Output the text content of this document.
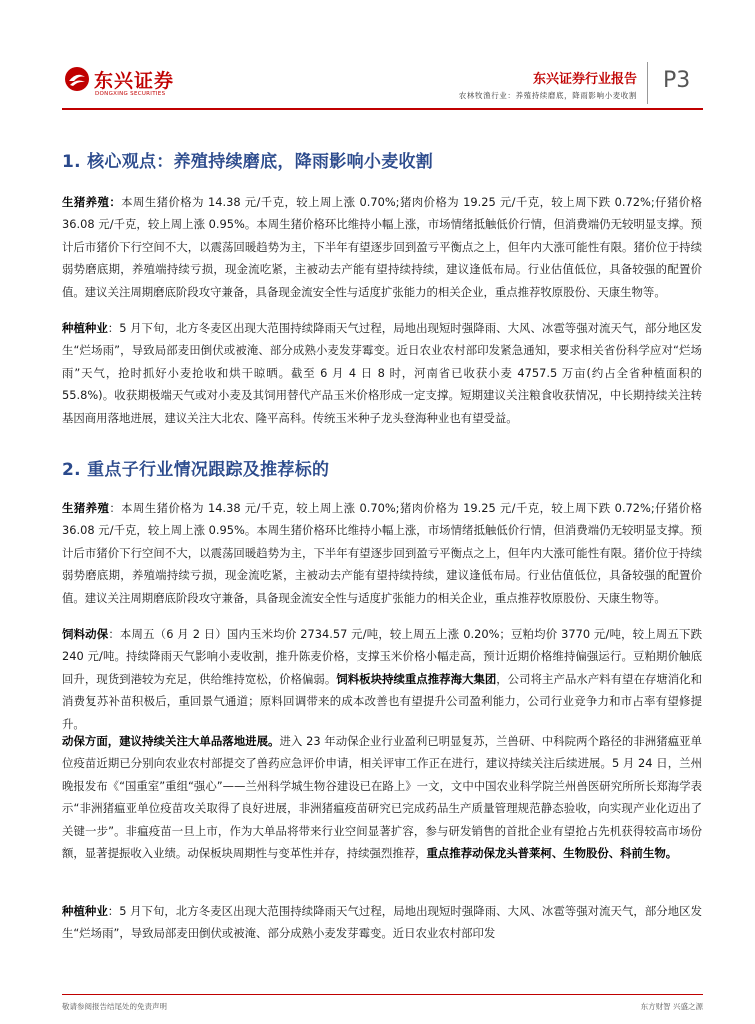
东兴证券
DONGXING SECURITIES
东兴证券行业报告
农林牧渔行业：养殖持续磨底，降雨影响小麦收割
P3
1. 核心观点：养殖持续磨底，降雨影响小麦收割
生猪养殖：本周生猪价格为 14.38 元/千克，较上周上涨 0.70%;猪肉价格为 19.25 元/千克，较上周下跌 0.72%;仔猪价格 36.08 元/千克，较上周上涨 0.95%。本周生猪价格环比维持小幅上涨，市场情绪抵触低价行情，但消费端仍无较明显支撑。预计后市猪价下行空间不大，以震荡回暖趋势为主，下半年有望逐步回到盈亏平衡点之上，但年内大涨可能性有限。猪价位于持续弱势磨底期，养殖端持续亏损，现金流吃紧，主被动去产能有望持续持续，建议逢低布局。行业估值低位，具备较强的配置价值。建议关注周期磨底阶段攻守兼备，具备现金流安全性与适度扩张能力的相关企业，重点推荐牧原股份、天康生物等。
种植种业：5 月下旬，北方冬麦区出现大范围持续降雨天气过程，局地出现短时强降雨、大风、冰雹等强对流天气，部分地区发生“烂场雨”，导致局部麦田倒伏或被淹、部分成熟小麦发芽霉变。近日农业农村部印发紧急通知，要求相关省份科学应对“烂场雨”天气，抢时抓好小麦抢收和烘干晾晒。截至 6 月 4 日 8 时，河南省已收获小麦 4757.5 万亩(约占全省种植面积的 55.8%)。收获期极端天气或对小麦及其饲用替代产品玉米价格形成一定支撑。短期建议关注粮食收获情况，中长期持续关注转基因商用落地进展，建议关注大北农、隆平高科。传统玉米种子龙头登海种业也有望受益。
2. 重点子行业情况跟踪及推荐标的
生猪养殖：本周生猪价格为 14.38 元/千克，较上周上涨 0.70%;猪肉价格为 19.25 元/千克，较上周下跌 0.72%;仔猪价格 36.08 元/千克，较上周上涨 0.95%。本周生猪价格环比维持小幅上涨，市场情绪抵触低价行情，但消费端仍无较明显支撑。预计后市猪价下行空间不大，以震荡回暖趋势为主，下半年有望逐步回到盈亏平衡点之上，但年内大涨可能性有限。猪价位于持续弱势磨底期，养殖端持续亏损，现金流吃紧，主被动去产能有望持续持续，建议逢低布局。行业估值低位，具备较强的配置价值。建议关注周期磨底阶段攻守兼备，具备现金流安全性与适度扩张能力的相关企业，重点推荐牧原股份、天康生物等。
饲料动保：本周五（6 月 2 日）国内玉米均价 2734.57 元/吨，较上周五上涨 0.20%；豆粕均价 3770 元/吨，较上周五下跌 240 元/吨。持续降雨天气影响小麦收割，推升陈麦价格，支撑玉米价格小幅走高，预计近期价格维持偏强运行。豆粕期价触底回升，现货到港较为充足，供给维持宽松，价格偏弱。饲料板块持续重点推荐海大集团，公司将主产品水产料有望在存塘消化和消费复苏补苗积极后，重回景气通道；原料回调带来的成本改善也有望提升公司盈利能力，公司行业竞争力和市占率有望修提升。
动保方面，建议持续关注大单品落地进展。进入 23 年动保企业行业盈利已明显复苏，兰兽研、中科院两个路径的非洲猪瘟亚单位疫苗近期已分别向农业农村部提交了兽药应急评价申请，相关评审工作正在进行，建议持续关注后续进展。5 月 24 日，兰州晚报发布《“国重室”重组“强心”——兰州科学城生物谷建设已在路上》一文，文中中国农业科学院兰州兽医研究所所长郑海学表示“非洲猪瘟亚单位疫苗攻关取得了良好进展，非洲猪瘟疫苗研究已完成药品生产质量管理规范静态验收，向实现产业化迈出了关键一步”。非瘟疫苗一旦上市，作为大单品将带来行业空间显著扩容，参与研发销售的首批企业有望抢占先机获得较高市场份额，显著提振收入业绩。动保板块周期性与变革性并存，持续强烈推荐，重点推荐动保龙头普莱柯、生物股份、科前生物。
种植种业：5 月下旬，北方冬麦区出现大范围持续降雨天气过程，局地出现短时强降雨、大风、冰雹等强对流天气，部分地区发生“烂场雨”，导致局部麦田倒伏或被淹、部分成熟小麦发芽霉变。近日农业农村部印发
敬请参阅报告结尾处的免责声明	东方财智 兴盛之源
